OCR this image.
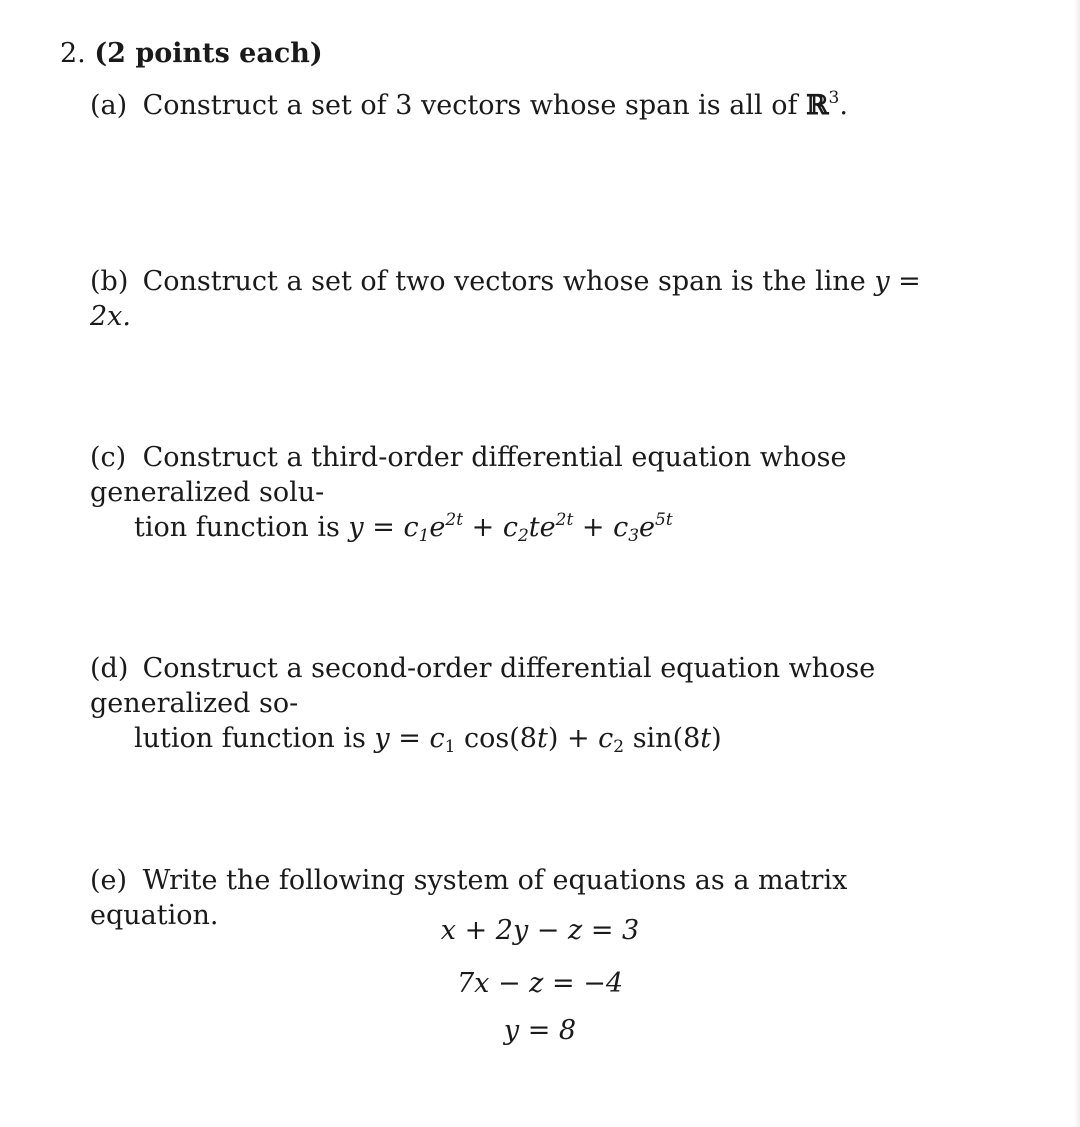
2. (2 points each)
(a) Construct a set of 3 vectors whose span is all of ℝ$^3$.
(b) Construct a set of two vectors whose span is the line y = 2x.
(c) Construct a third-order differential equation whose generalized solu-
tion function is $y = c_1e^{2t} + c_2te^{2t} + c_3e^{5t}$
(d) Construct a second-order differential equation whose generalized so-
lution function is $y = c_1$ $\cos(8t) + c_2$ sin(8t)
(e) Write the following system of equations as a matrix equation.	x + 2y − z = 3
7x − z = −4
y = 8
